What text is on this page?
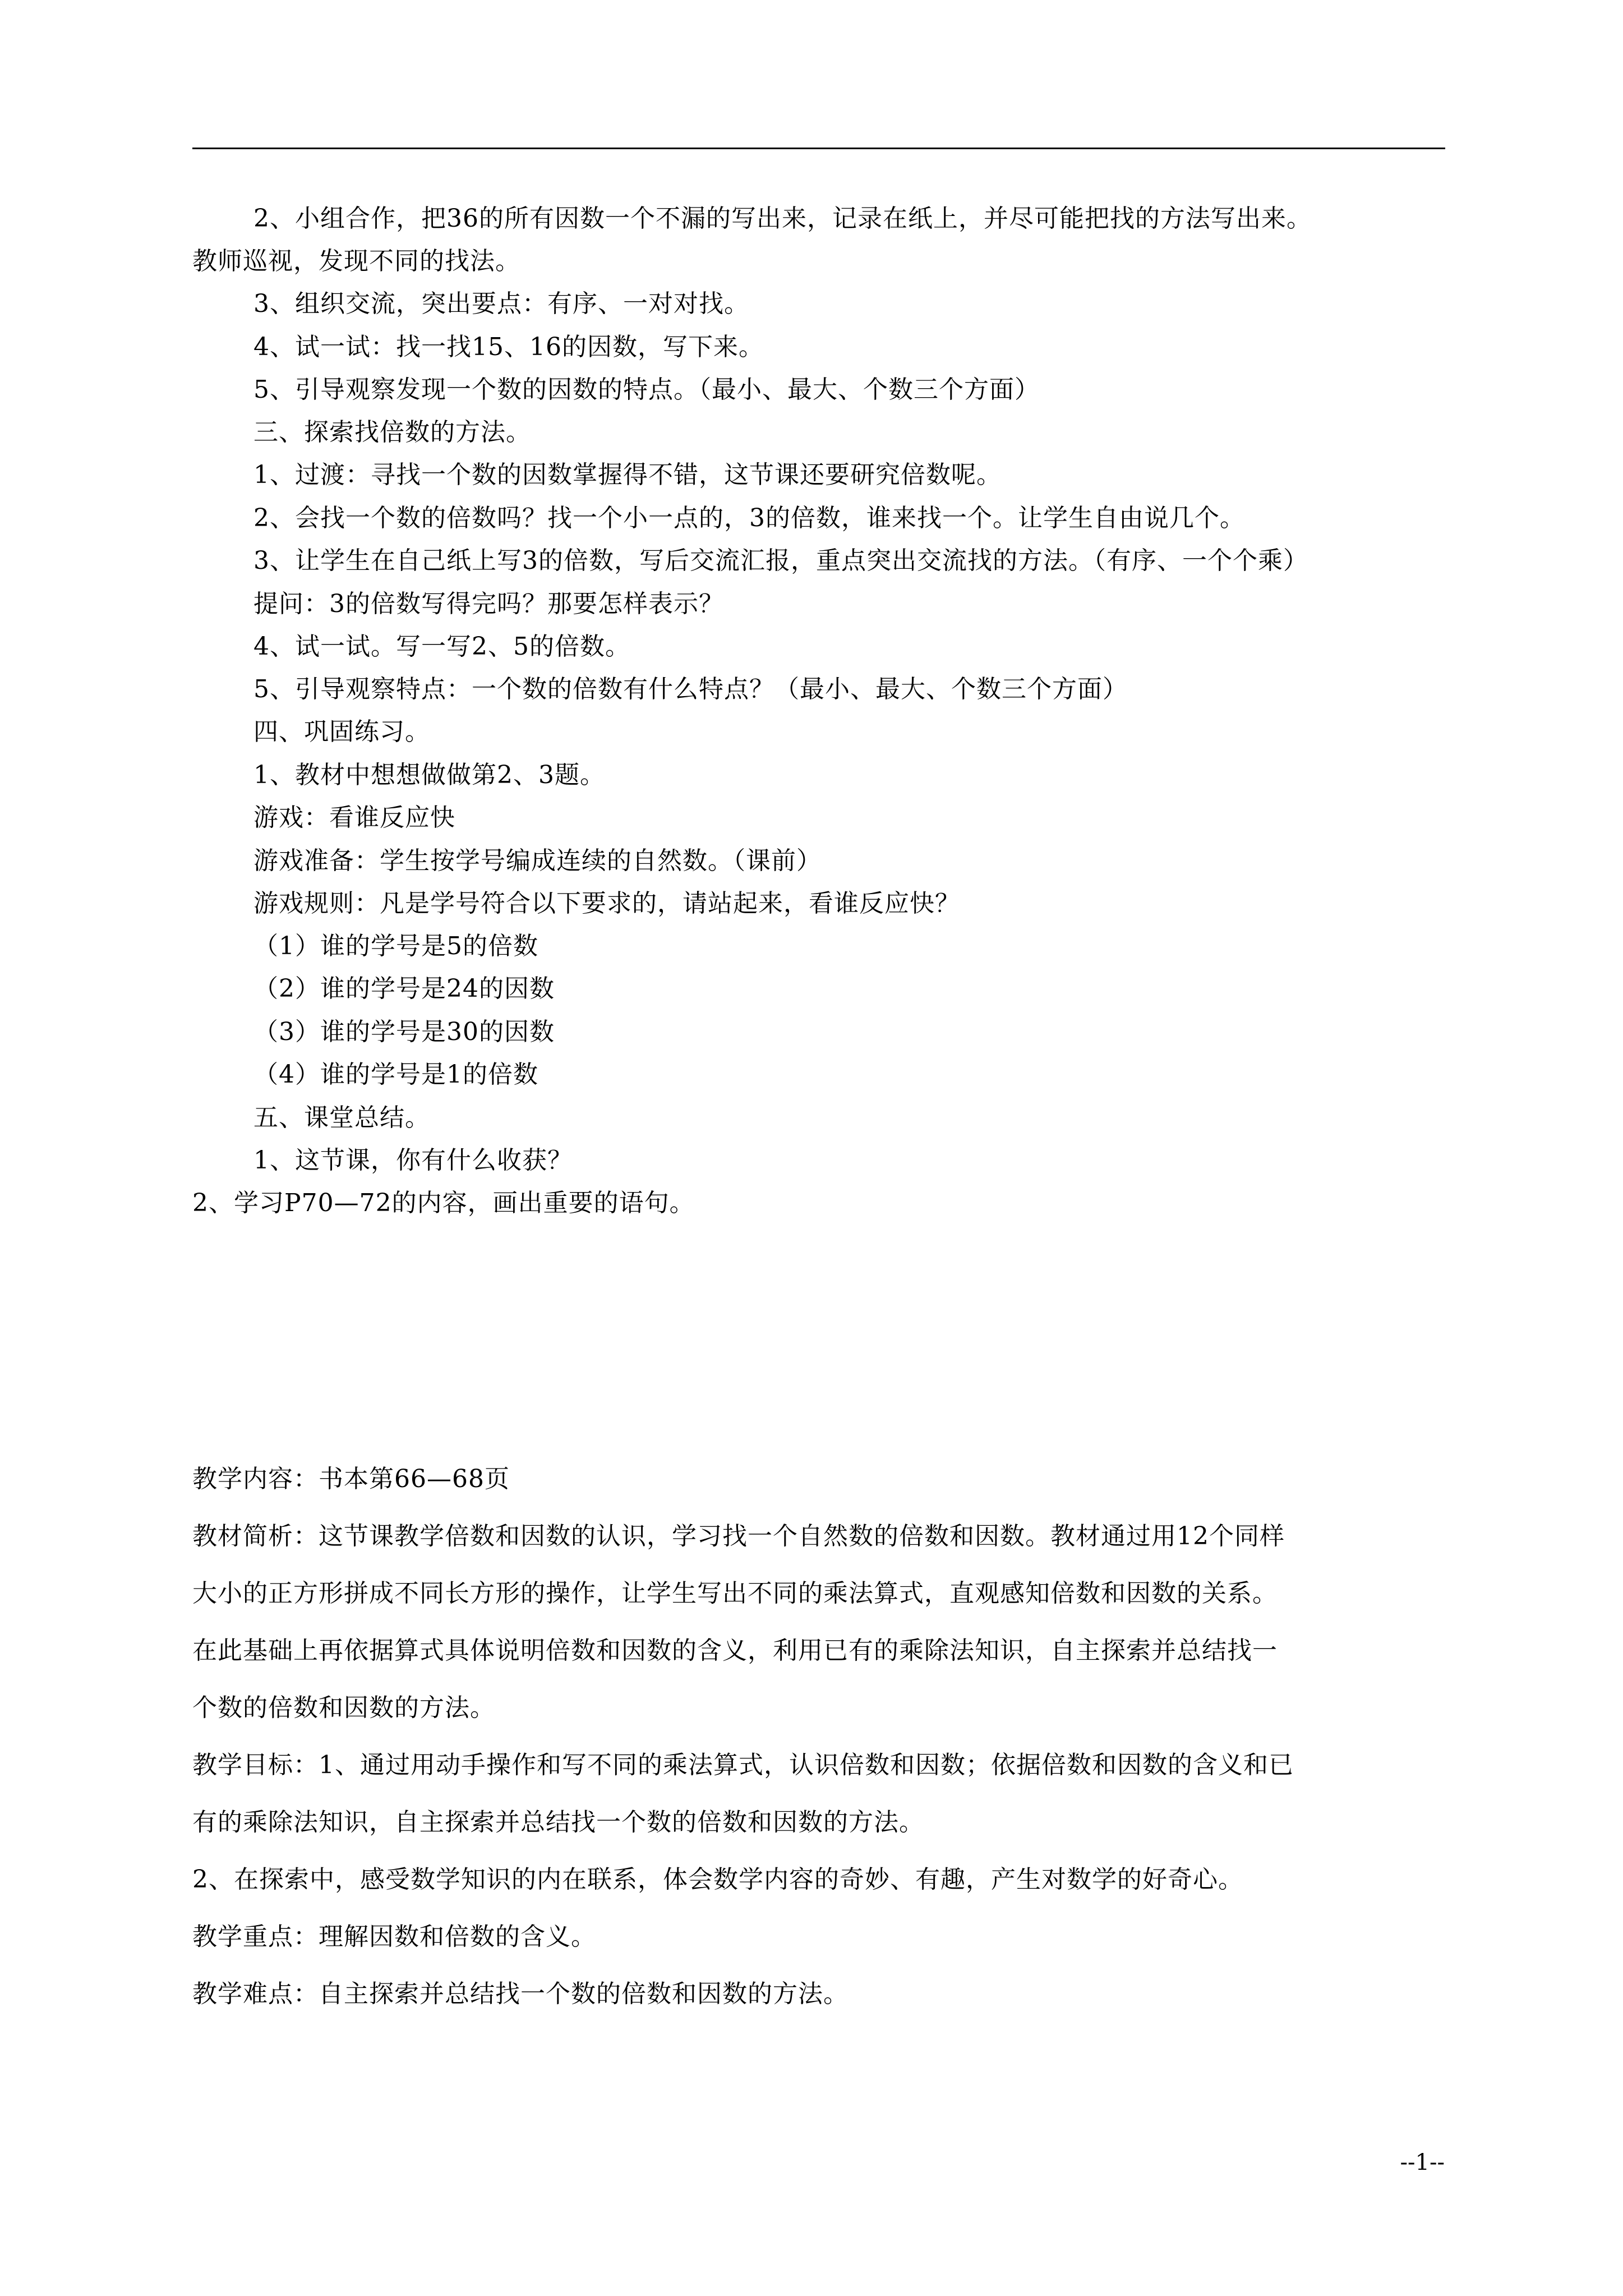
2、小组合作，把36的所有因数一个不漏的写出来，记录在纸上，并尽可能把找的方法写出来。
教师巡视，发现不同的找法。
3、组织交流，突出要点：有序、一对对找。
4、试一试：找一找15、16的因数，写下来。
5、引导观察发现一个数的因数的特点。（最小、最大、个数三个方面）
三、探索找倍数的方法。
1、过渡：寻找一个数的因数掌握得不错，这节课还要研究倍数呢。
2、会找一个数的倍数吗？找一个小一点的，3的倍数，谁来找一个。让学生自由说几个。
3、让学生在自己纸上写3的倍数，写后交流汇报，重点突出交流找的方法。（有序、一个个乘）
提问：3的倍数写得完吗？那要怎样表示？
4、试一试。写一写2、5的倍数。
5、引导观察特点：一个数的倍数有什么特点？（最小、最大、个数三个方面）
四、巩固练习。
1、教材中想想做做第2、3题。
游戏：看谁反应快
游戏准备：学生按学号编成连续的自然数。（课前）
游戏规则：凡是学号符合以下要求的，请站起来，看谁反应快？
（1）谁的学号是5的倍数
（2）谁的学号是24的因数
（3）谁的学号是30的因数
（4）谁的学号是1的倍数
五、课堂总结。
1、这节课，你有什么收获？
2、学习P70—72的内容，画出重要的语句。
教学内容：书本第66—68页
教材简析：这节课教学倍数和因数的认识，学习找一个自然数的倍数和因数。教材通过用12个同样
大小的正方形拼成不同长方形的操作，让学生写出不同的乘法算式，直观感知倍数和因数的关系。
在此基础上再依据算式具体说明倍数和因数的含义，利用已有的乘除法知识，自主探索并总结找一
个数的倍数和因数的方法。
教学目标：1、通过用动手操作和写不同的乘法算式，认识倍数和因数；依据倍数和因数的含义和已
有的乘除法知识，自主探索并总结找一个数的倍数和因数的方法。
2、在探索中，感受数学知识的内在联系，体会数学内容的奇妙、有趣，产生对数学的好奇心。
教学重点：理解因数和倍数的含义。
教学难点：自主探索并总结找一个数的倍数和因数的方法。
--1--
